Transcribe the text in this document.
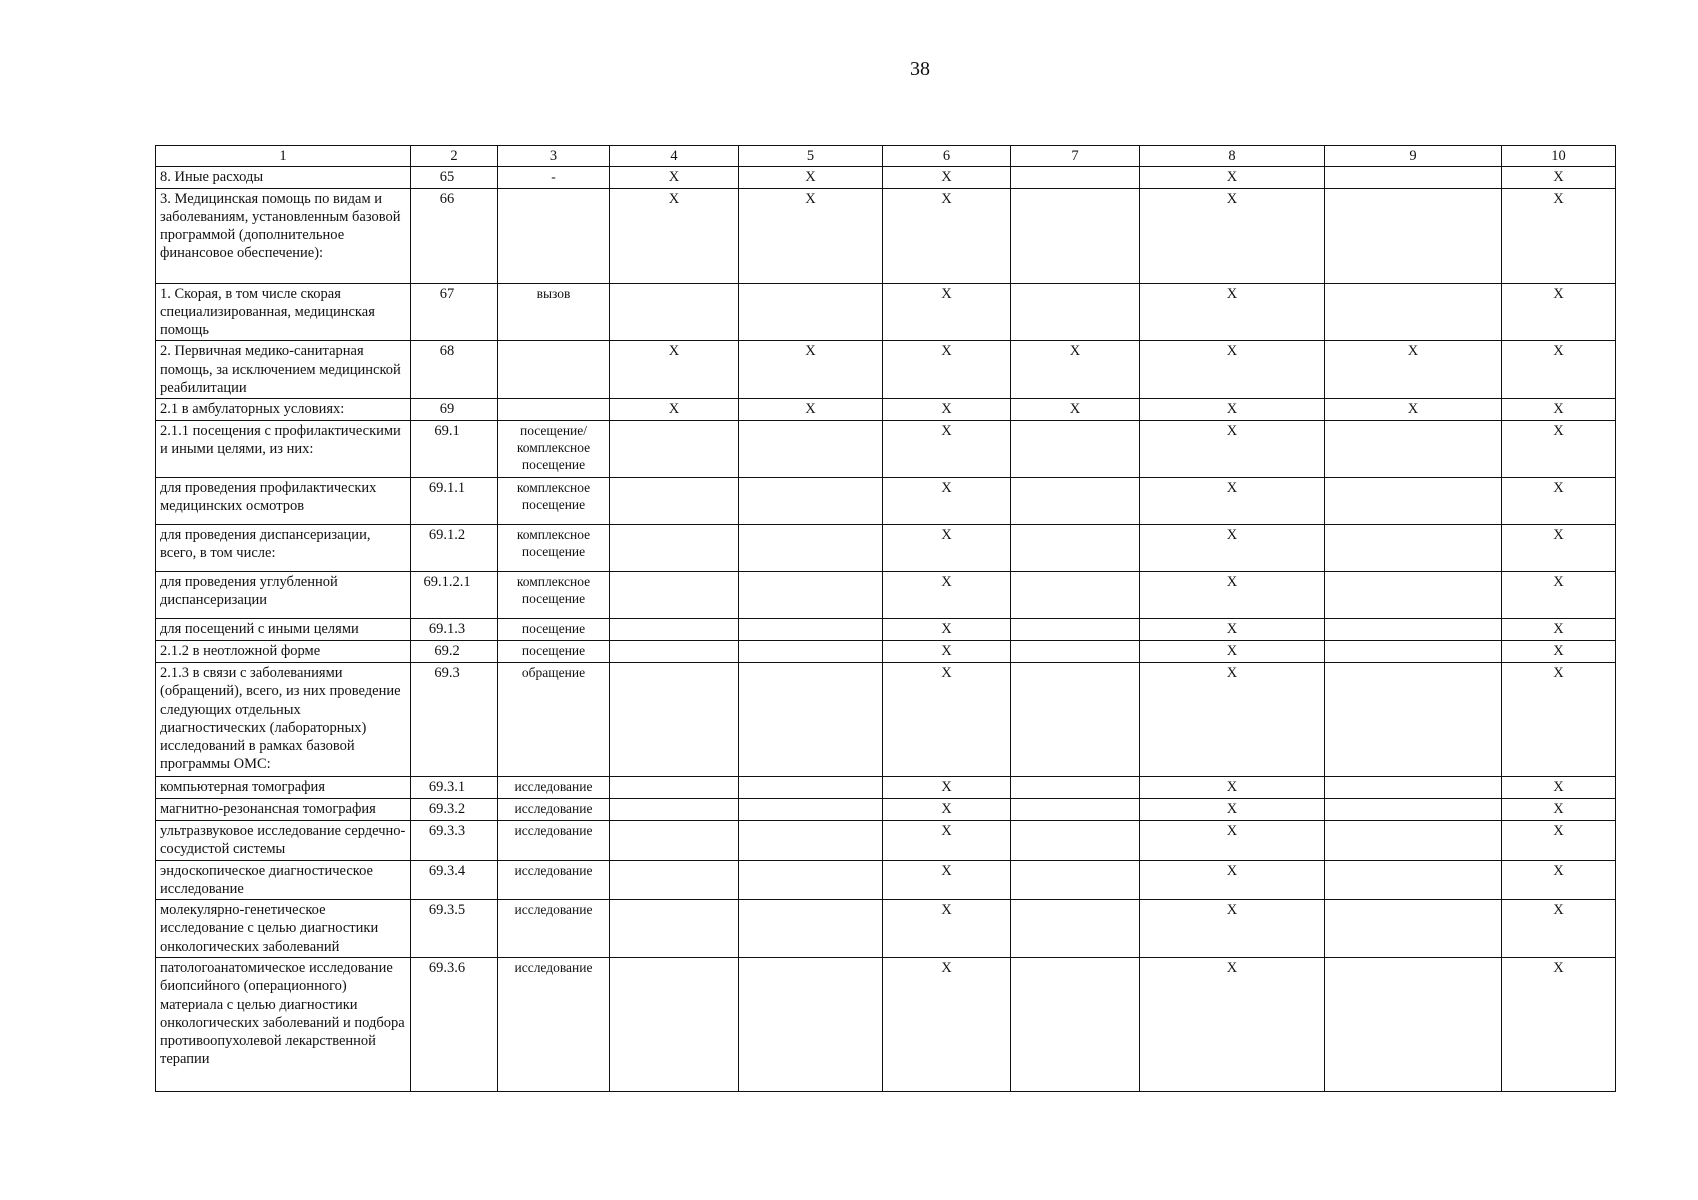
38
1	2	3	4	5	6	7	8	9	10
8. Иные расходы	65	-	X	X	X		X		X
3. Медицинская помощь по видам и заболеваниям, установленным базовой программой (дополнительное финансовое обеспечение):	66		X	X	X		X		X
1. Скорая, в том числе скорая специализированная, медицинская помощь	67	вызов			X		X		X
2. Первичная медико-санитарная помощь, за исключением медицинской реабилитации	68		X	X	X	X	X	X	X
2.1 в амбулаторных условиях:	69		X	X	X	X	X	X	X
2.1.1 посещения с профилактическими и иными целями, из них:	69.1	посещение/ комплексное посещение			X		X		X
для проведения профилактических медицинских осмотров	69.1.1	комплексное посещение			X		X		X
для проведения диспансеризации, всего, в том числе:	69.1.2	комплексное посещение			X		X		X
для проведения углубленной диспансеризации	69.1.2.1	комплексное посещение			X		X		X
для посещений с иными целями	69.1.3	посещение			X		X		X
2.1.2 в неотложной форме	69.2	посещение			X		X		X
2.1.3 в связи с заболеваниями (обращений), всего, из них проведение следующих отдельных диагностических (лабораторных) исследований в рамках базовой программы ОМС:	69.3	обращение			X		X		X
компьютерная томография	69.3.1	исследование			X		X		X
магнитно-резонансная томография	69.3.2	исследование			X		X		X
ультразвуковое исследование сердечно-сосудистой системы	69.3.3	исследование			X		X		X
эндоскопическое диагностическое исследование	69.3.4	исследование			X		X		X
молекулярно-генетическое исследование с целью диагностики онкологических заболеваний	69.3.5	исследование			X		X		X
патологоанатомическое исследование биопсийного (операционного) материала с целью диагностики онкологических заболеваний и подбора противоопухолевой лекарственной терапии	69.3.6	исследование			X		X		X
